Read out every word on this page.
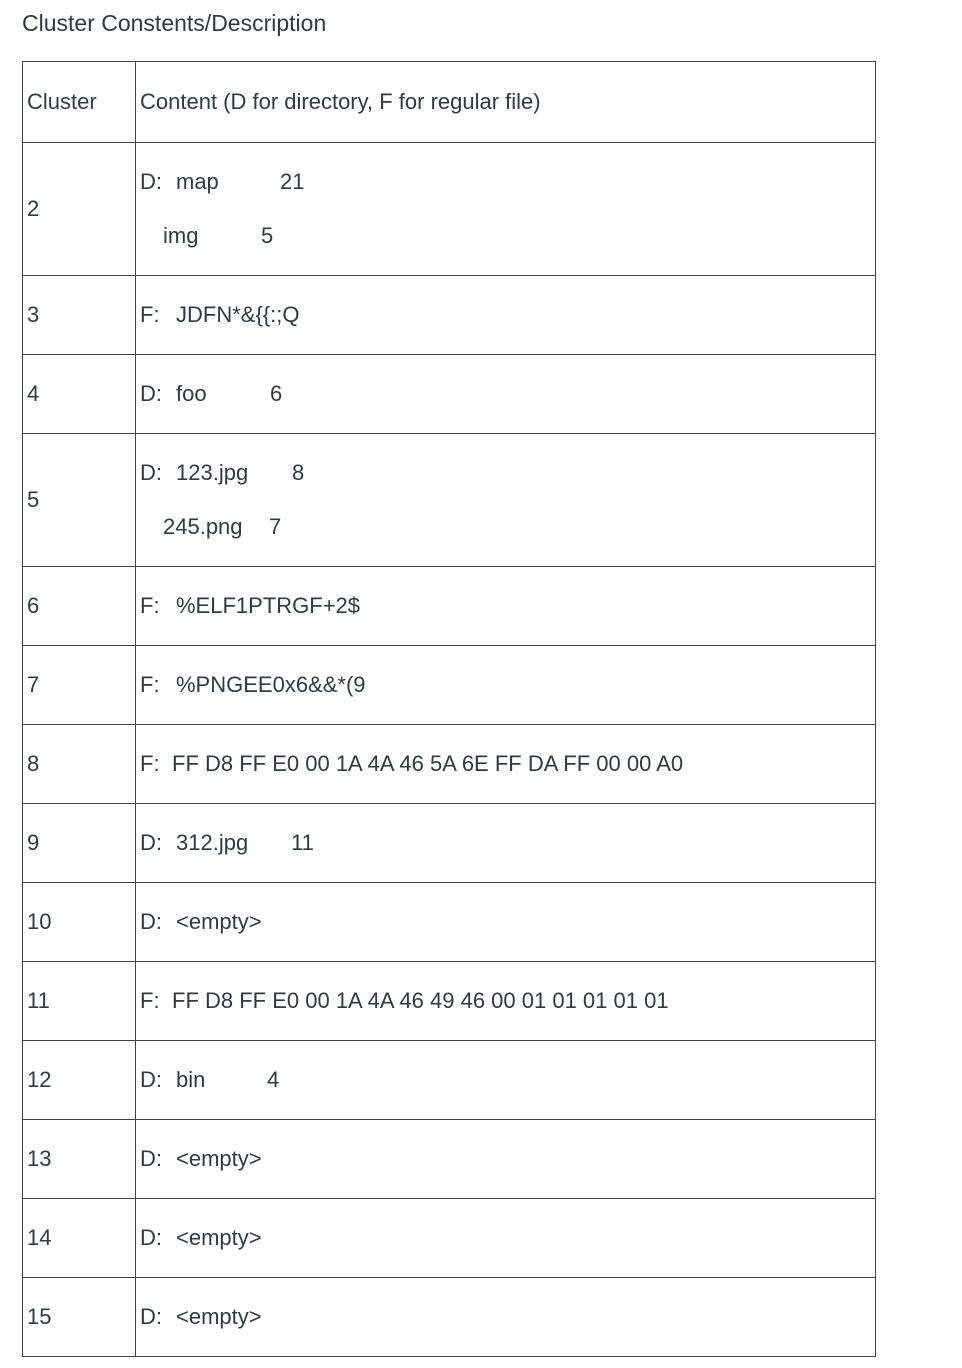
Cluster Constents/Description
Cluster	Content (D for directory, F for regular file)
2	D: map 21
img 5

3	F: JDFN*&{{:;Q
4	D: foo 6
5	D: 123.jpg 8
245.png 7

6	F: %ELF1PTRGF+2$
7	F: %PNGEE0x6&&*(9
8	F: FF D8 FF E0 00 1A 4A 46 5A 6E FF DA FF 00 00 A0
9	D: 312.jpg 11
10	D: <empty>
11	F: FF D8 FF E0 00 1A 4A 46 49 46 00 01 01 01 01 01
12	D: bin 4
13	D: <empty>
14	D: <empty>
15	D: <empty>
